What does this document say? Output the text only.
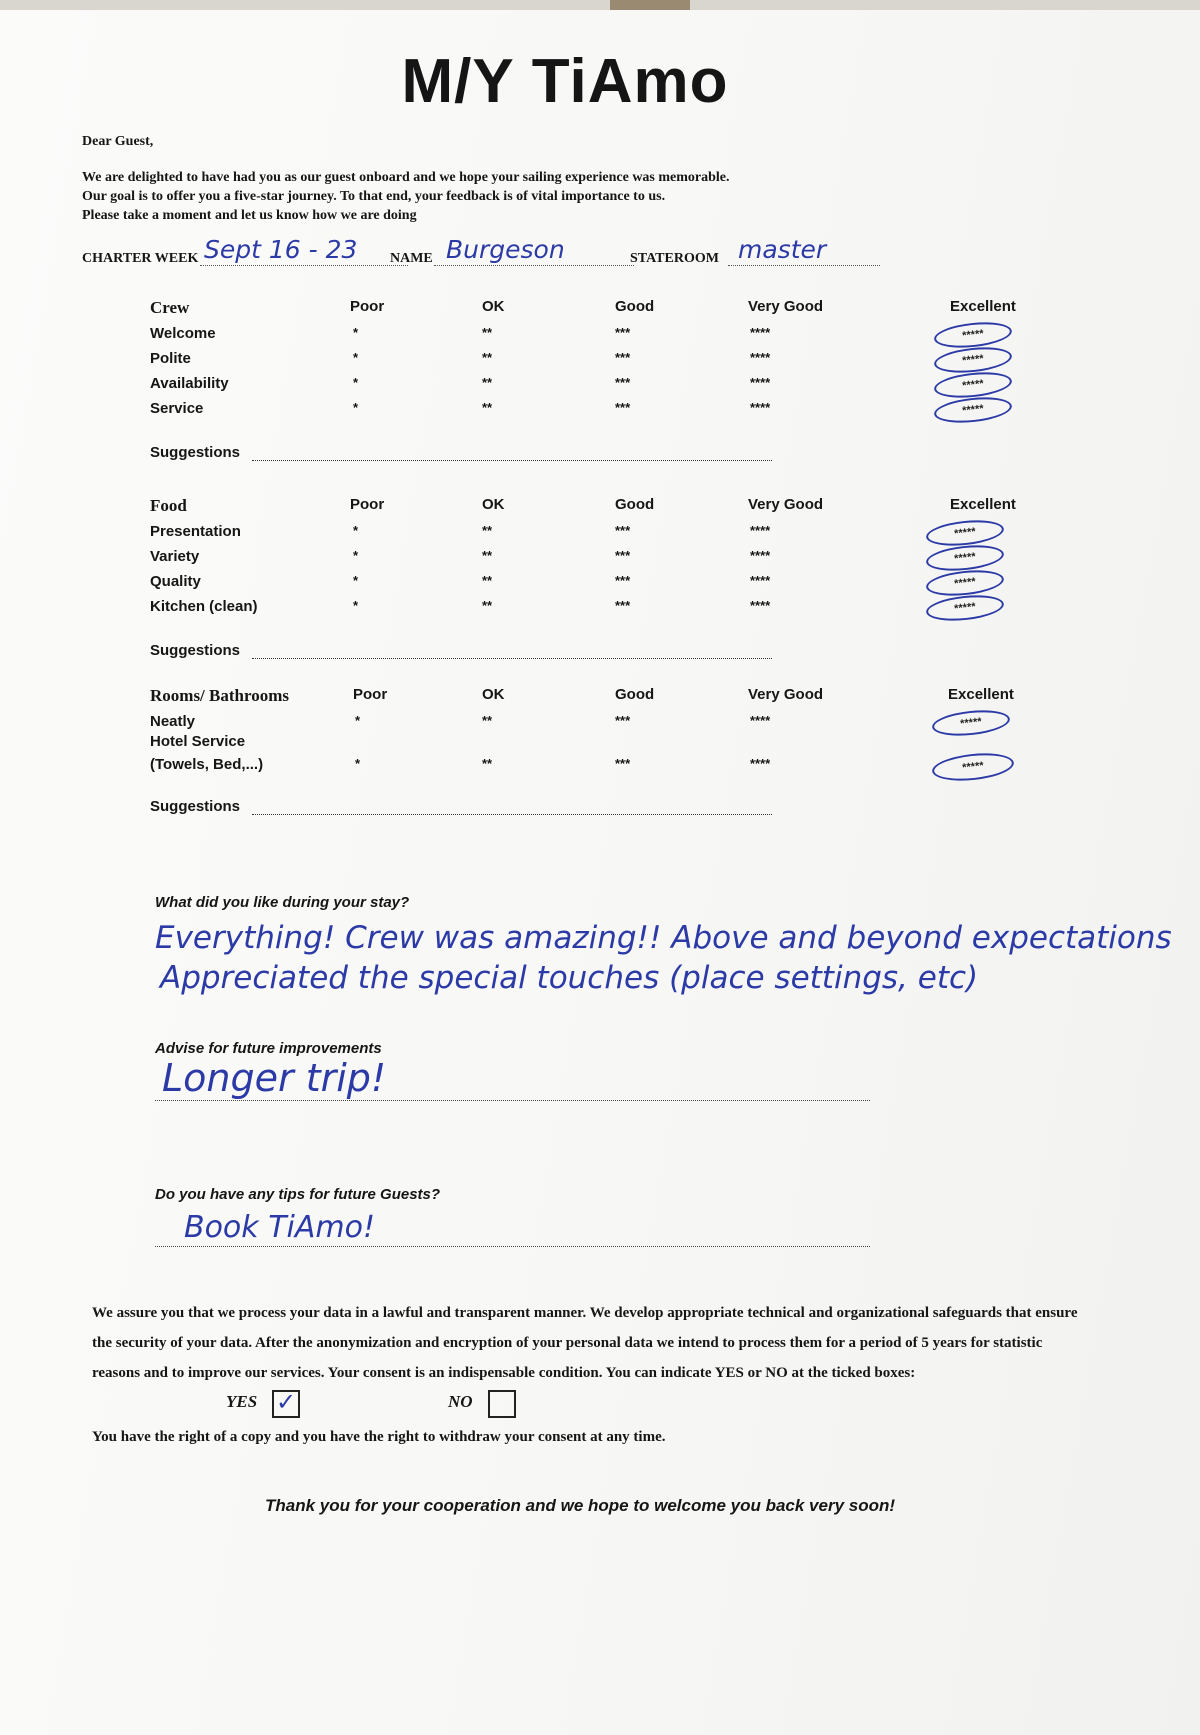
M/Y TiAmo
Dear Guest,
We are delighted to have had you as our guest onboard and we hope your sailing experience was memorable.
Our goal is to offer you a five-star journey. To that end, your feedback is of vital importance to us.
Please take a moment and let us know how we are doing
CHARTER WEEK Sept 16 - 23 NAME Burgeson	STATEROOM master
Crew	Poor	OK	Good	Very Good	Excellent
Welcome	*	**	***	****	*****
Polite	*	**	***	****	*****
Availability	*	**	***	****	*****
Service	*	**	***	****	*****
Suggestions
Food	Poor	OK	Good	Very Good	Excellent
Presentation	*	**	***	****	*****
Variety	*	**	***	****	*****
Quality	*	**	***	****	*****
Kitchen (clean)	*	**	***	****	*****
Suggestions
Rooms/ Bathrooms	Poor	OK	Good	Very Good	Excellent
Neatly	*	**	***	****	*****
Hotel Service
(Towels, Bed,...)	*	**	***	****	*****
Suggestions
What did you like during your stay?
Everything! Crew was amazing!! Above and beyond expectations
Appreciated the special touches (place settings, etc)
Advise for future improvements
Longer trip!
Do you have any tips for future Guests?
Book TiAmo!
We assure you that we process your data in a lawful and transparent manner. We develop appropriate technical and organizational safeguards that ensure the security of your data. After the anonymization and encryption of your personal data we intend to process them for a period of 5 years for statistic reasons and to improve our services. Your consent is an indispensable condition. You can indicate YES or NO at the ticked boxes:
YES ✓	NO
You have the right of a copy and you have the right to withdraw your consent at any time.
Thank you for your cooperation and we hope to welcome you back very soon!
